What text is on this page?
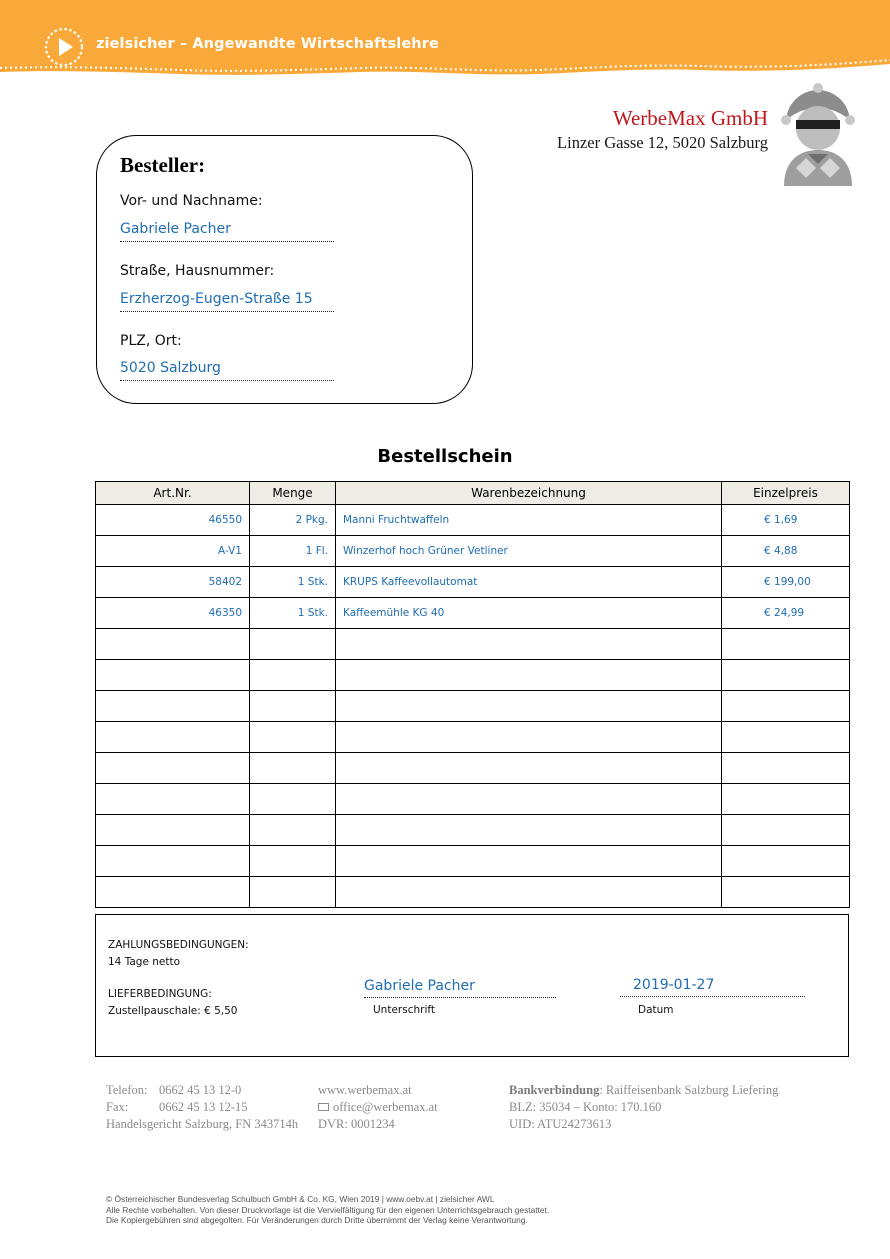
zielsicher – Angewandte Wirtschaftslehre
WerbeMax GmbH
Linzer Gasse 12, 5020 Salzburg
Besteller:
Vor- und Nachname:
Gabriele Pacher
Straße, Hausnummer:
Erzherzog-Eugen-Straße 15
PLZ, Ort:
5020 Salzburg
Bestellschein
Art.Nr.	Menge	Warenbezeichnung	Einzelpreis
46550	2 Pkg.	Manni Fruchtwaffeln	€ 1,69
A-V1	1 Fl.	Winzerhof hoch Grüner Vetliner	€ 4,88
58402	1 Stk.	KRUPS Kaffeevollautomat	€ 199,00
46350	1 Stk.	Kaffeemühle KG 40	€ 24,99

ZAHLUNGSBEDINGUNGEN:
14 Tage netto
LIEFERBEDINGUNG:
Zustellpauschale: € 5,50
Gabriele Pacher
Unterschrift
2019-01-27
Datum
Telefon: 0662 45 13 12-0
Fax: 0662 45 13 12-15
Handelsgericht Salzburg, FN 343714h
www.werbemax.at
office@werbemax.at
DVR: 0001234
Bankverbindung: Raiffeisenbank Salzburg Liefering
BLZ: 35034 – Konto: 170.160
UID: ATU24273613
© Österreichischer Bundesverlag Schulbuch GmbH & Co. KG, Wien 2019 | www.oebv.at | zielsicher AWL
Alle Rechte vorbehalten. Von dieser Druckvorlage ist die Vervielfältigung für den eigenen Unterrichtsgebrauch gestattet.
Die Kopiergebühren sind abgegolten. Für Veränderungen durch Dritte übernimmt der Verlag keine Verantwortung.
